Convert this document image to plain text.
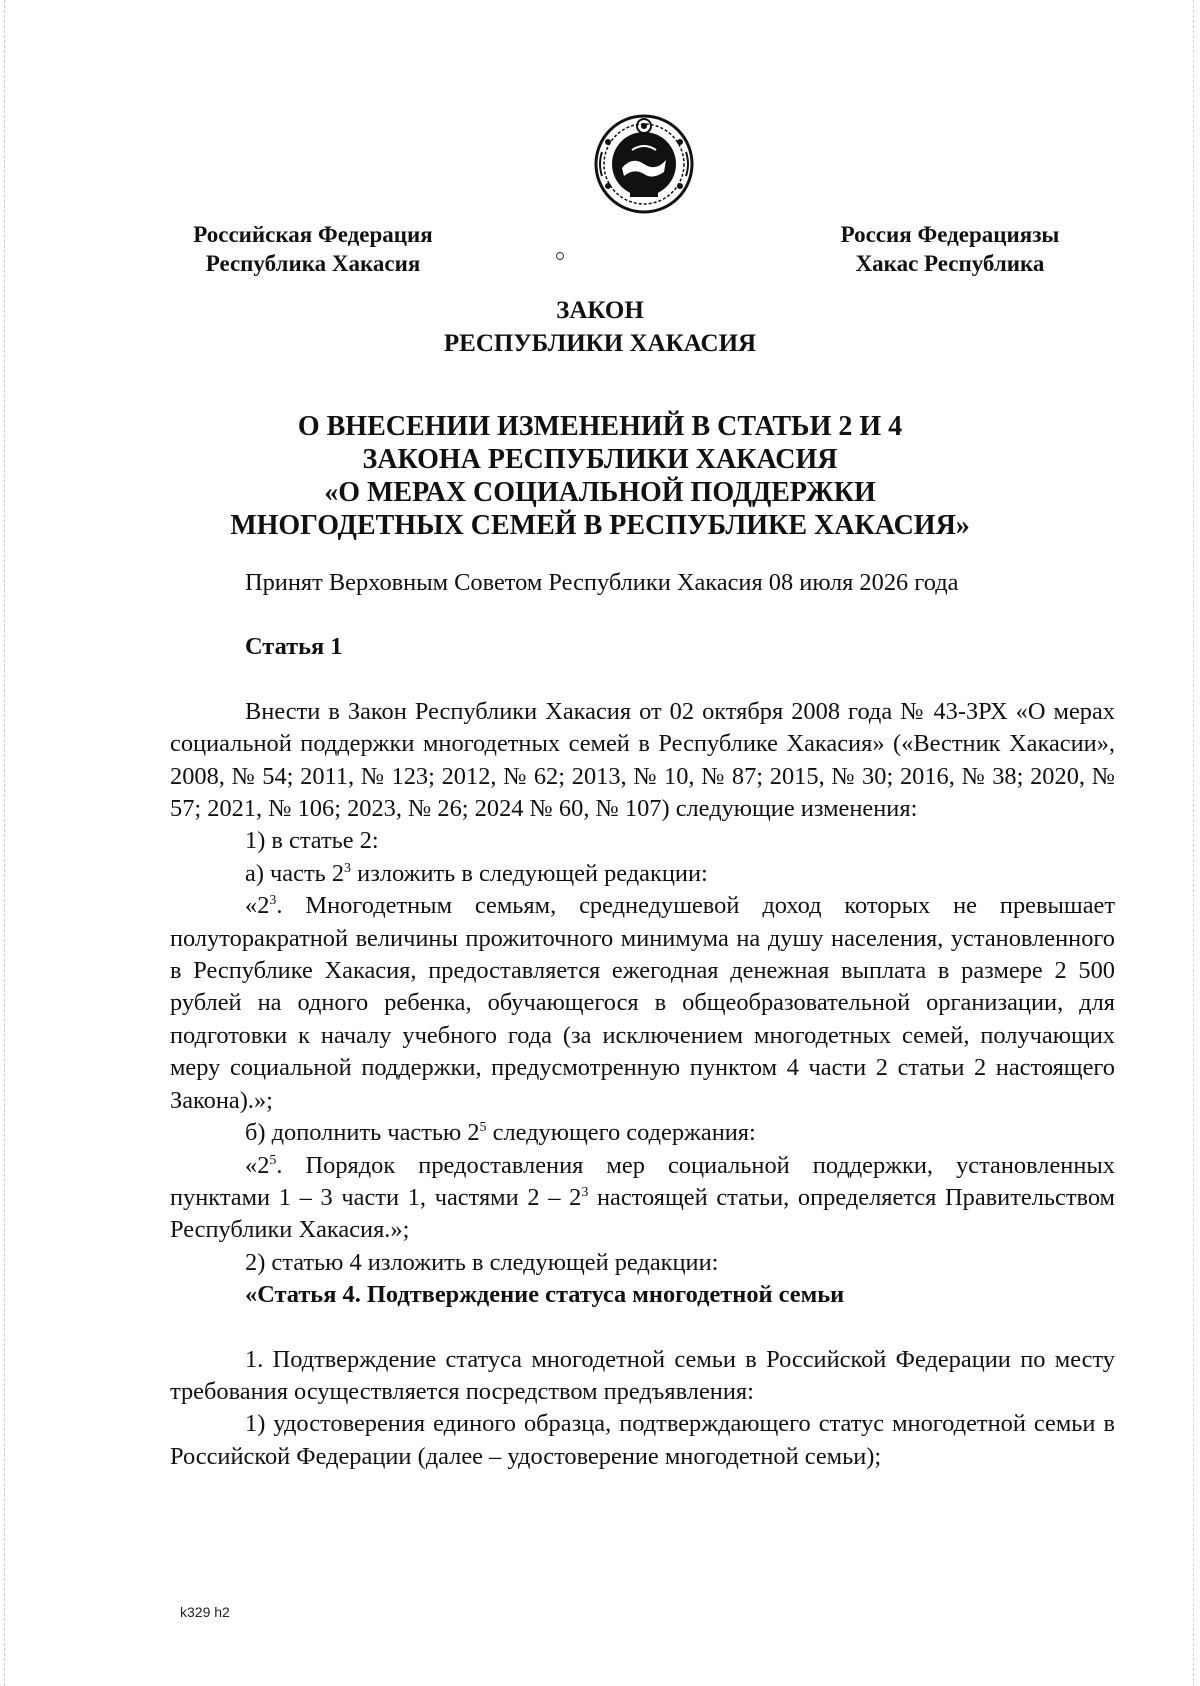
Российская Федерация
Республика Хакасия
Россия Федерациязы
Хакас Республика
ЗАКОН
РЕСПУБЛИКИ ХАКАСИЯ
О ВНЕСЕНИИ ИЗМЕНЕНИЙ В СТАТЬИ 2 И 4
ЗАКОНА РЕСПУБЛИКИ ХАКАСИЯ
«О МЕРАХ СОЦИАЛЬНОЙ ПОДДЕРЖКИ
МНОГОДЕТНЫХ СЕМЕЙ В РЕСПУБЛИКЕ ХАКАСИЯ»

Принят Верховным Советом Республики Хакасия 08 июля 2026 года

Статья 1

Внести в Закон Республики Хакасия от 02 октября 2008 года № 43-ЗРХ «О мерах социальной поддержки многодетных семей в Республике Хакасия» («Вестник Хакасии», 2008, № 54; 2011, № 123; 2012, № 62; 2013, № 10, № 87; 2015, № 30; 2016, № 38; 2020, № 57; 2021, № 106; 2023, № 26; 2024 № 60, № 107) следующие изменения:

1) в статье 2:

а) часть $2^3$ изложить в следующей редакции:

«$2^3$. Многодетным семьям, среднедушевой доход которых не превышает полуторакратной величины прожиточного минимума на душу населения, установленного в Республике Хакасия, предоставляется ежегодная денежная выплата в размере 2 500 рублей на одного ребенка, обучающегося в общеобразовательной организации, для подготовки к началу учебного года (за исключением многодетных семей, получающих меру социальной поддержки, предусмотренную пунктом 4 части 2 статьи 2 настоящего Закона).»;

б) дополнить частью $2^5$ следующего содержания:

«$2^5$. Порядок предоставления мер социальной поддержки, установленных пунктами 1 – 3 части 1, частями $2 - 2^3$ настоящей статьи, определяется Правительством Республики Хакасия.»;

2) статью 4 изложить в следующей редакции:

«Статья 4. Подтверждение статуса многодетной семьи

1. Подтверждение статуса многодетной семьи в Российской Федерации по месту требования осуществляется посредством предъявления:

1) удостоверения единого образца, подтверждающего статус многодетной семьи в Российской Федерации (далее – удостоверение многодетной семьи);

k329 h2
